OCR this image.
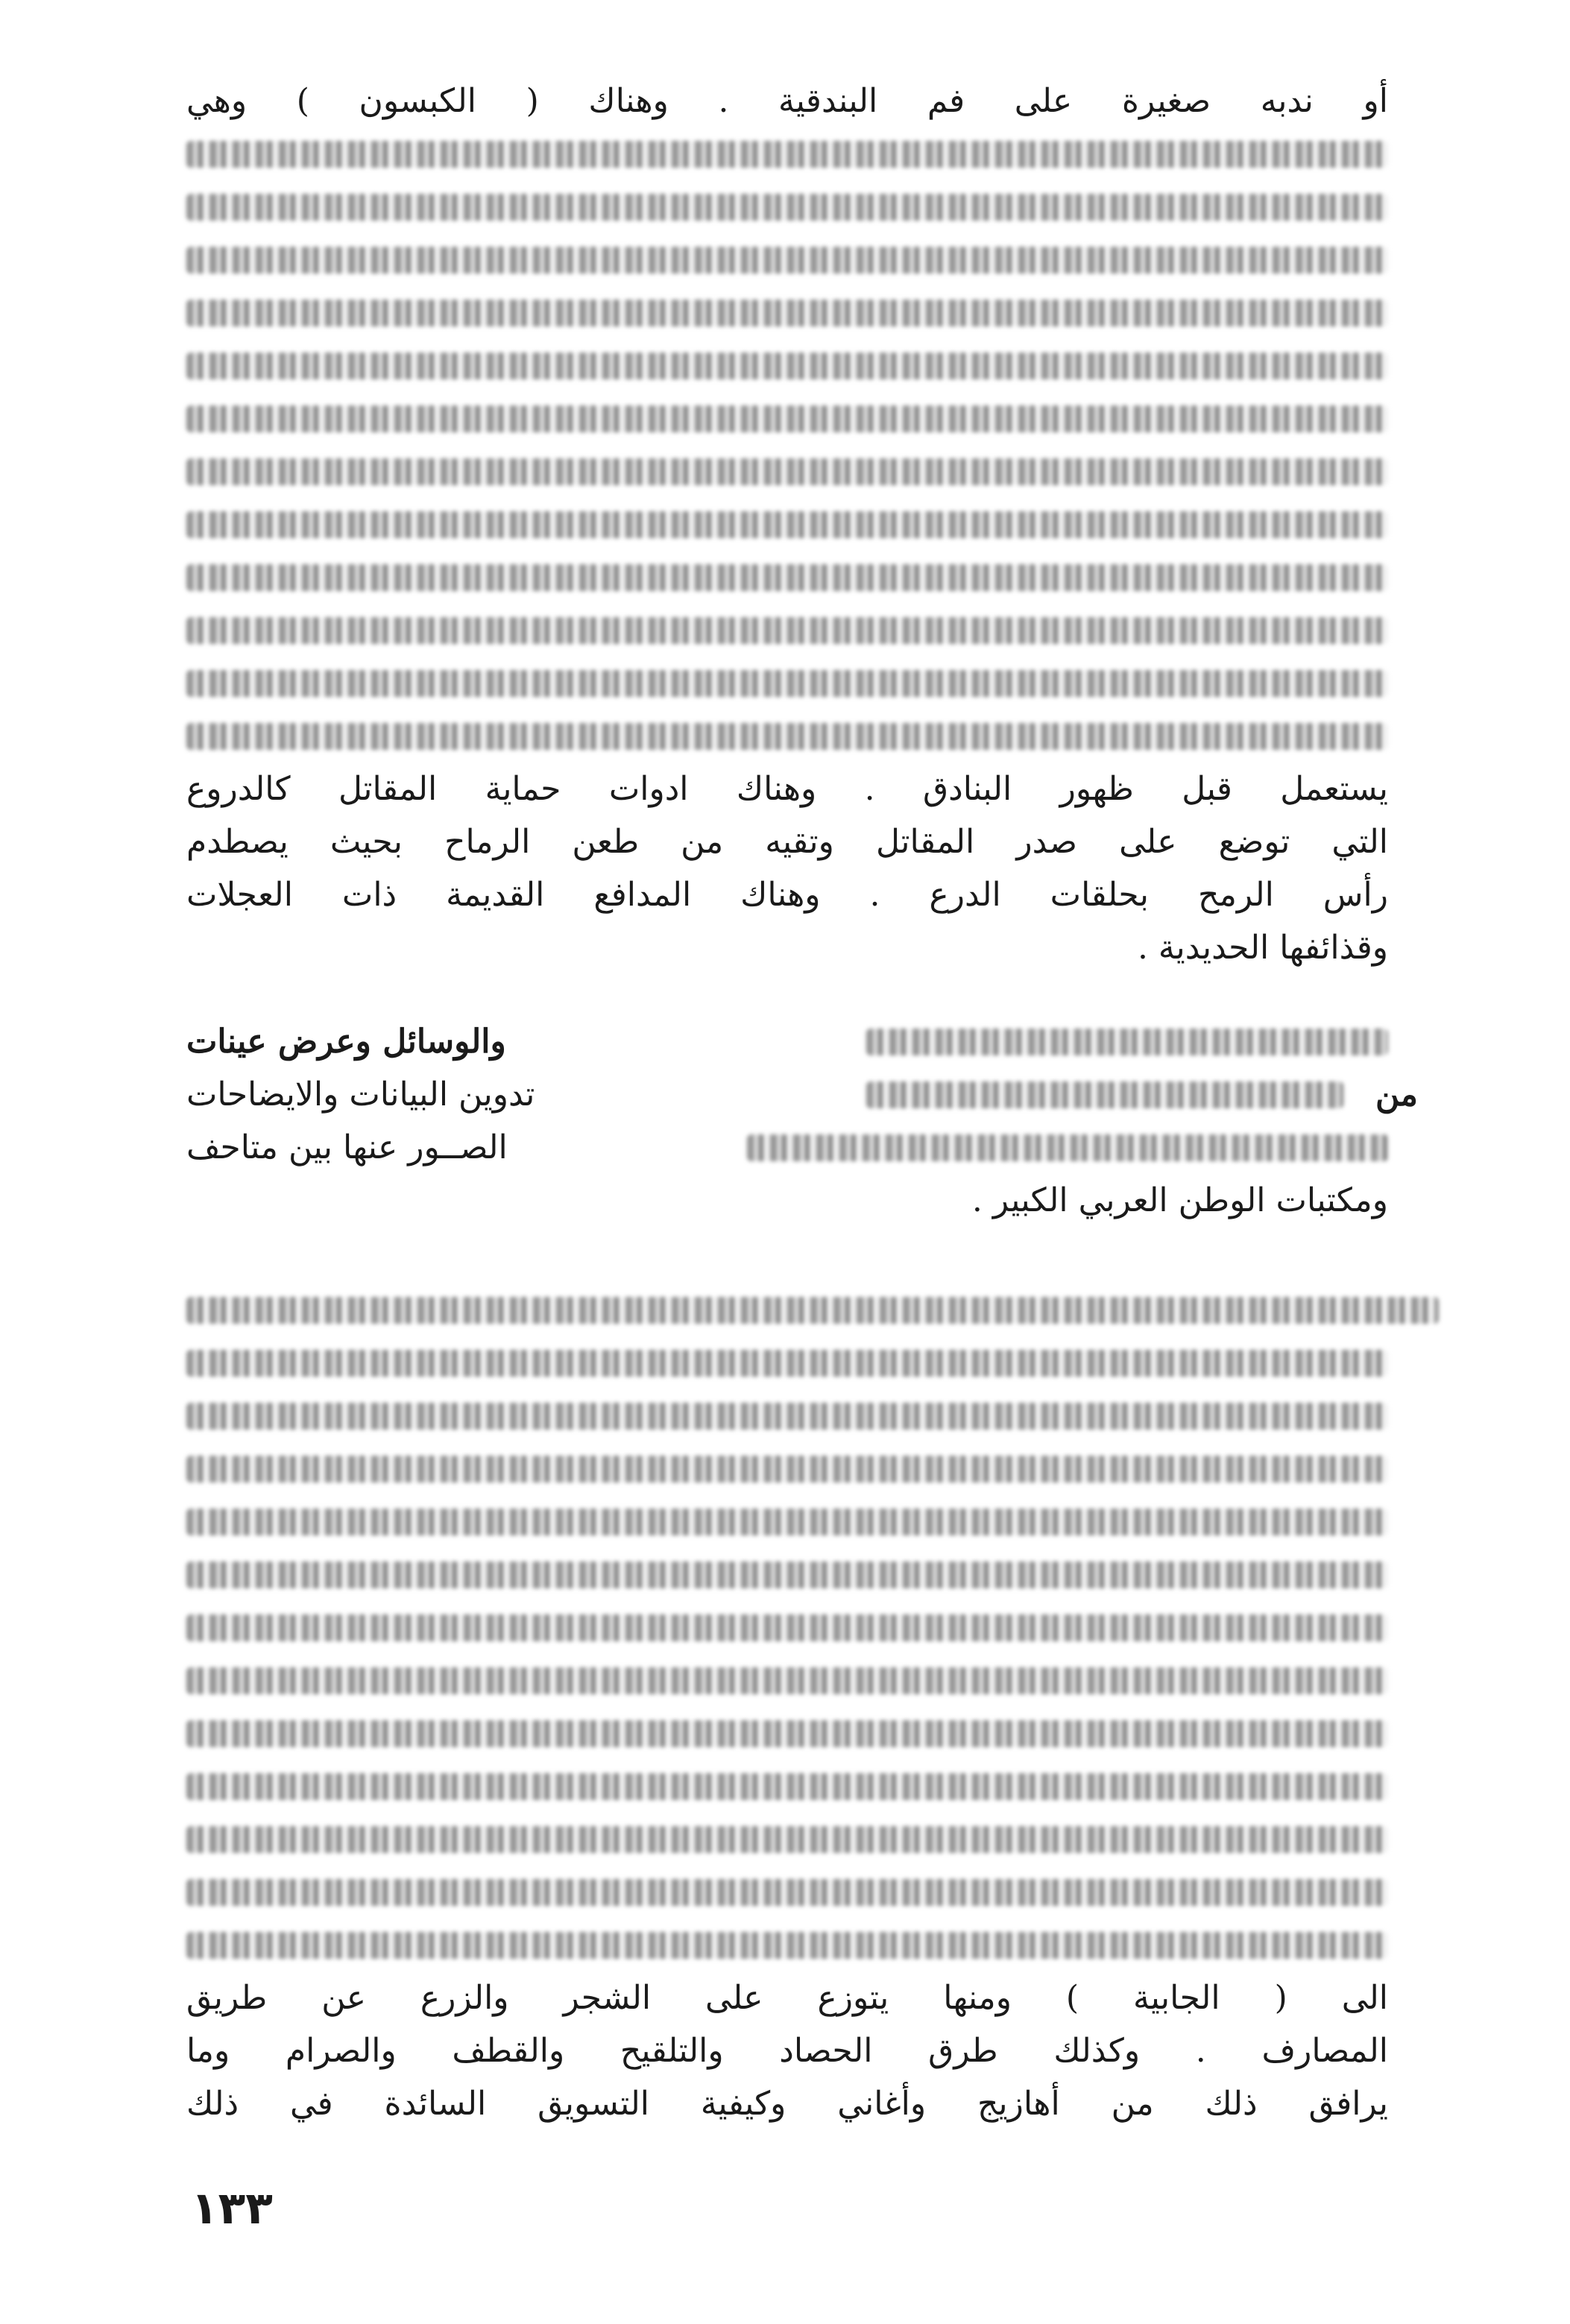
أو ندبه صغيرة على فم البندقية . وهناك ( الكبسون ) وهي
يستعمل قبل ظهور البنادق . وهناك ادوات حماية المقاتل كالدروع
التي توضع على صدر المقاتل وتقيه من طعن الرماح بحيث يصطدم
رأس الرمح بحلقات الدرع . وهناك المدافع القديمة ذات العجلات
وقذائفها الحديدية .
والوسائل وعرض عينات
من
تدوين البيانات والايضاحات
الصــور عنها بين متاحف
ومكتبات الوطن العربي الكبير .
الى ( الجابية ) ومنها يتوزع على الشجر والزرع عن طريق
المصارف . وكذلك طرق الحصاد والتلقيح والقطف والصرام وما
يرافق ذلك من أهازيج وأغاني وكيفية التسويق السائدة في ذلك
١٣٣
